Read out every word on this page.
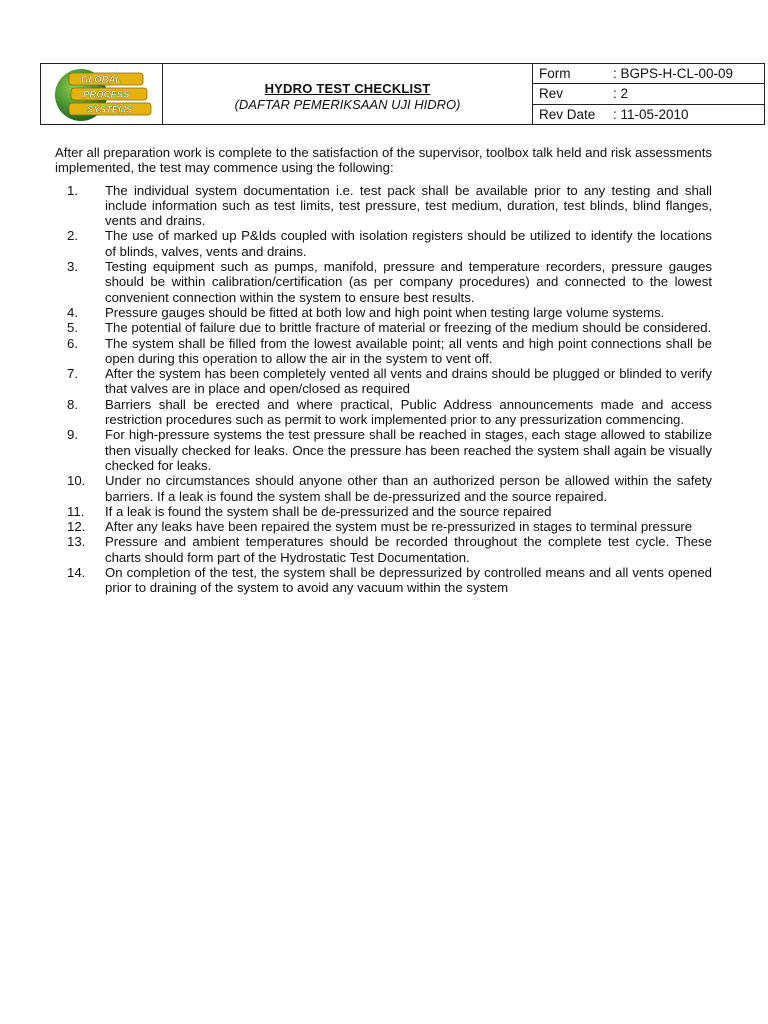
GLOBAL
PROCESS
SYSTEMS
HYDRO TEST CHECKLIST
(DAFTAR PEMERIKSAAN UJI HIDRO)
Form	: BGPS-H-CL-00-09
Rev	: 2
Rev Date	: 11-05-2010

After all preparation work is complete to the satisfaction of the supervisor, toolbox talk held and risk assessments implemented, the test may commence using the following:

1.	The individual system documentation i.e. test pack shall be available prior to any testing and shall include information such as test limits, test pressure, test medium, duration, test blinds, blind flanges, vents and drains.
2.	The use of marked up P&Ids coupled with isolation registers should be utilized to identify the locations of blinds, valves, vents and drains.
3.	Testing equipment such as pumps, manifold, pressure and temperature recorders, pressure gauges should be within calibration/certification (as per company procedures) and connected to the lowest convenient connection within the system to ensure best results.
4.	Pressure gauges should be fitted at both low and high point when testing large volume systems.
5.	The potential of failure due to brittle fracture of material or freezing of the medium should be considered.
6.	The system shall be filled from the lowest available point; all vents and high point connections shall be open during this operation to allow the air in the system to vent off.
7.	After the system has been completely vented all vents and drains should be plugged or blinded to verify that valves are in place and open/closed as required
8.	Barriers shall be erected and where practical, Public Address announcements made and access restriction procedures such as permit to work implemented prior to any pressurization commencing.
9.	For high-pressure systems the test pressure shall be reached in stages, each stage allowed to stabilize then visually checked for leaks. Once the pressure has been reached the system shall again be visually checked for leaks.
10.	Under no circumstances should anyone other than an authorized person be allowed within the safety barriers. If a leak is found the system shall be de-pressurized and the source repaired.
11.	If a leak is found the system shall be de-pressurized and the source repaired
12.	After any leaks have been repaired the system must be re-pressurized in stages to terminal pressure
13.	Pressure and ambient temperatures should be recorded throughout the complete test cycle. These charts should form part of the Hydrostatic Test Documentation.
14.	On completion of the test, the system shall be depressurized by controlled means and all vents opened prior to draining of the system to avoid any vacuum within the system
